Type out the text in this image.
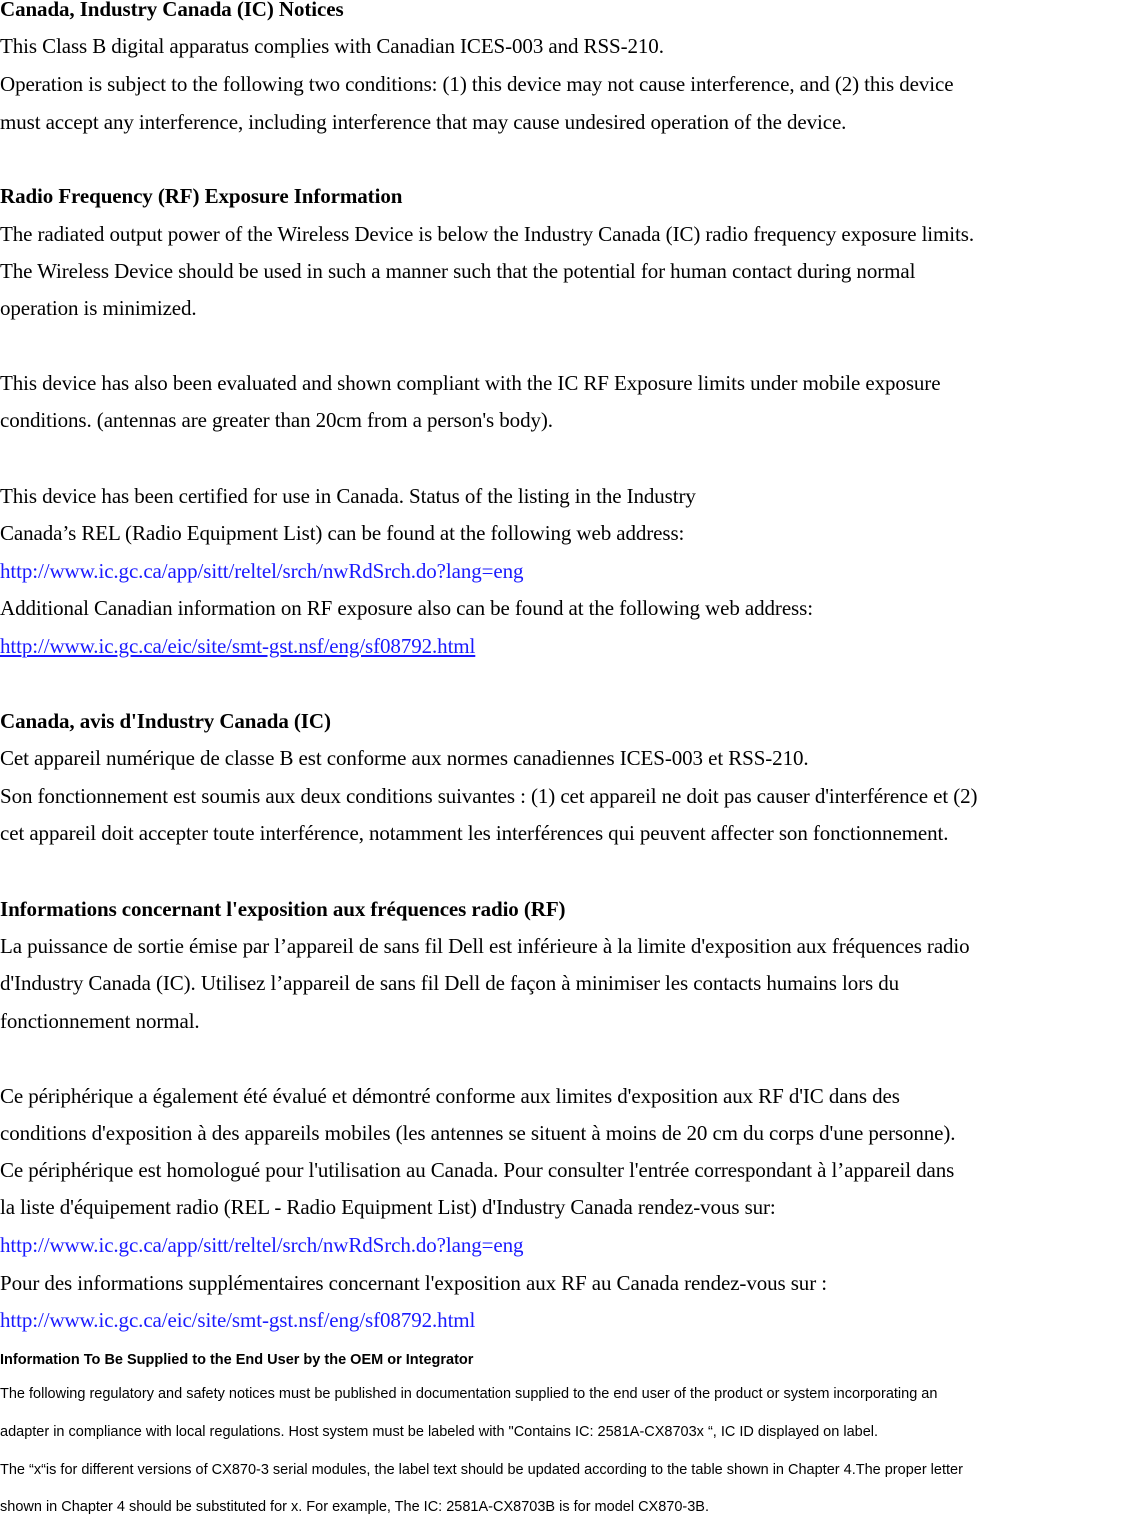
Canada, Industry Canada (IC) Notices
This Class B digital apparatus complies with Canadian ICES-003 and RSS-210.
Operation is subject to the following two conditions: (1) this device may not cause interference, and (2) this device
must accept any interference, including interference that may cause undesired operation of the device.
Radio Frequency (RF) Exposure Information
The radiated output power of the Wireless Device is below the Industry Canada (IC) radio frequency exposure limits.
The Wireless Device should be used in such a manner such that the potential for human contact during normal
operation is minimized.
This device has also been evaluated and shown compliant with the IC RF Exposure limits under mobile exposure
conditions. (antennas are greater than 20cm from a person's body).
This device has been certified for use in Canada. Status of the listing in the Industry
Canada’s REL (Radio Equipment List) can be found at the following web address:
http://www.ic.gc.ca/app/sitt/reltel/srch/nwRdSrch.do?lang=eng
Additional Canadian information on RF exposure also can be found at the following web address:
http://www.ic.gc.ca/eic/site/smt-gst.nsf/eng/sf08792.html
Canada, avis d'Industry Canada (IC)
Cet appareil numérique de classe B est conforme aux normes canadiennes ICES-003 et RSS-210.
Son fonctionnement est soumis aux deux conditions suivantes : (1) cet appareil ne doit pas causer d'interférence et (2)
cet appareil doit accepter toute interférence, notamment les interférences qui peuvent affecter son fonctionnement.
Informations concernant l'exposition aux fréquences radio (RF)
La puissance de sortie émise par l’appareil de sans fil Dell est inférieure à la limite d'exposition aux fréquences radio
d'Industry Canada (IC). Utilisez l’appareil de sans fil Dell de façon à minimiser les contacts humains lors du
fonctionnement normal.
Ce périphérique a également été évalué et démontré conforme aux limites d'exposition aux RF d'IC dans des
conditions d'exposition à des appareils mobiles (les antennes se situent à moins de 20 cm du corps d'une personne).
Ce périphérique est homologué pour l'utilisation au Canada. Pour consulter l'entrée correspondant à l’appareil dans
la liste d'équipement radio (REL - Radio Equipment List) d'Industry Canada rendez-vous sur:
http://www.ic.gc.ca/app/sitt/reltel/srch/nwRdSrch.do?lang=eng
Pour des informations supplémentaires concernant l'exposition aux RF au Canada rendez-vous sur :
http://www.ic.gc.ca/eic/site/smt-gst.nsf/eng/sf08792.html
Information To Be Supplied to the End User by the OEM or Integrator
The following regulatory and safety notices must be published in documentation supplied to the end user of the product or system incorporating an
adapter in compliance with local regulations. Host system must be labeled with "Contains IC: 2581A-CX8703x “, IC ID displayed on label.
The “x“is for different versions of CX870-3 serial modules, the label text should be updated according to the table shown in Chapter 4.The proper letter
shown in Chapter 4 should be substituted for x. For example, The IC: 2581A-CX8703B is for model CX870-3B.
